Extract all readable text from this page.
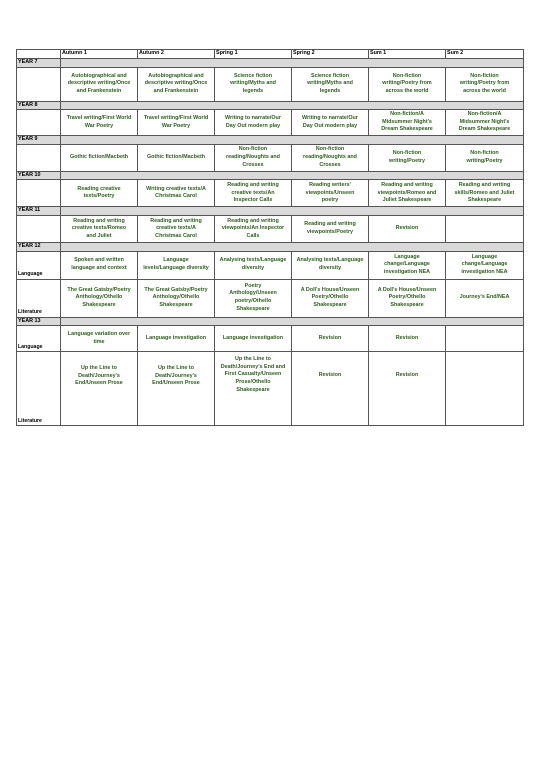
	Autumn 1	Autumn 2	Spring 1	Spring 2	Sum 1	Sum 2
YEAR 7						
	Autobiographical and
descriptive writing/Once
and Frankenstein	Autobiographical and
descriptive writing/Once
and Frankenstein	Science fiction
writing/Myths and
legends	Science fiction
writing/Myths and
legends	Non-fiction
writing/Poetry from
across the world	Non-fiction
writing/Poetry from
across the world
YEAR 8						
	Travel writing/First World
War Poetry	Travel writing/First World
War Poetry	Writing to narrate/Our
Day Out modern play	Writing to narrate/Our
Day Out modern play	Non-fiction/A
Midsummer Night's
Dream Shakespeare	Non-fiction/A
Midsummer Night's
Dream Shakespeare
YEAR 9						
	Gothic fiction/Macbeth	Gothic fiction/Macbeth	Non-fiction
reading/Noughts and
Crosses	Non-fiction
reading/Noughts and
Crosses	Non-fiction
writing/Poetry	Non-fiction
writing/Poetry
YEAR 10						
	Reading creative
texts/Poetry	Writing creative texts/A
Christmas Carol	Reading and writing
creative texts/An
Inspector Calls	Reading writers'
viewpoints/Unseen
poetry	Reading and writing
viewpoints/Romeo and
Juliet Shakespeare	Reading and writing
skills/Romeo and Juliet
Shakespeare
YEAR 11						
	Reading and writing
creative texts/Romeo
and Juliet	Reading and writing
creative texts/A
Christmas Carol	Reading and writing
viewpoints/An Inspector
Calls	Reading and writing
viewpoints/Poetry	Revision	
YEAR 12						
Language	Spoken and written
language and context	Language
levels/Language diversity	Analysing texts/Language
diversity	Analysing texts/Language
diversity	Language
change/Language
investigation NEA	Language
change/Language
investigation NEA
Literature	The Great Gatsby/Poetry
Anthology/Othello
Shakespeare	The Great Gatsby/Poetry
Anthology/Othello
Shakespeare	Poetry
Anthology/Unseen
poetry/Othello
Shakespeare	A Doll's House/Unseen
Poetry/Othello
Shakespeare	A Doll's House/Unseen
Poetry/Othello
Shakespeare	Journey's End/NEA
YEAR 13						
Language	Language variation over
time	Language investigation	Language investigation	Revision	Revision	
Literature	Up the Line to
Death/Journey's
End/Unseen Prose	Up the Line to
Death/Journey's
End/Unseen Prose	Up the Line to
Death/Journey's End and
First Casualty/Unseen
Prose/Othello
Shakespeare	Revision	Revision	
